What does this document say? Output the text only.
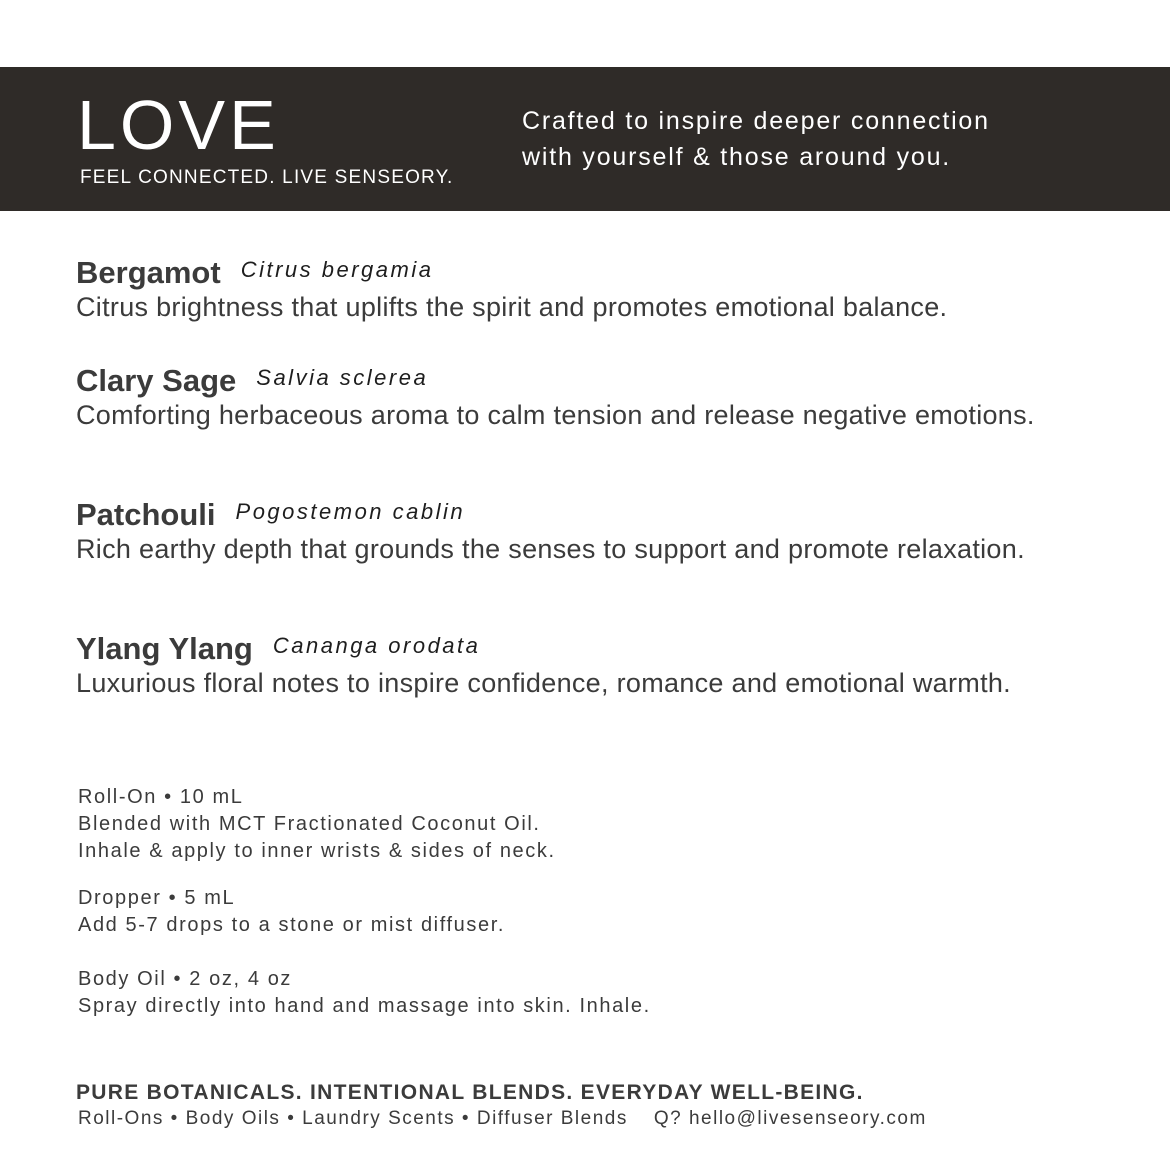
LOVE
FEEL CONNECTED. LIVE SENSEORY.
Crafted to inspire deeper connection
with yourself & those around you.
Bergamot Citrus bergamia
Citrus brightness that uplifts the spirit and promotes emotional balance.
Clary Sage Salvia sclerea
Comforting herbaceous aroma to calm tension and release negative emotions.
Patchouli Pogostemon cablin
Rich earthy depth that grounds the senses to support and promote relaxation.
Ylang Ylang Cananga orodata
Luxurious floral notes to inspire confidence, romance and emotional warmth.
Roll-On • 10 mL
Blended with MCT Fractionated Coconut Oil.
Inhale & apply to inner wrists & sides of neck.
Dropper • 5 mL
Add 5-7 drops to a stone or mist diffuser.
Body Oil • 2 oz, 4 oz
Spray directly into hand and massage into skin. Inhale.
PURE BOTANICALS. INTENTIONAL BLENDS. EVERYDAY WELL-BEING.
Roll-Ons • Body Oils • Laundry Scents • Diffuser Blends Q? hello@livesenseory.com
